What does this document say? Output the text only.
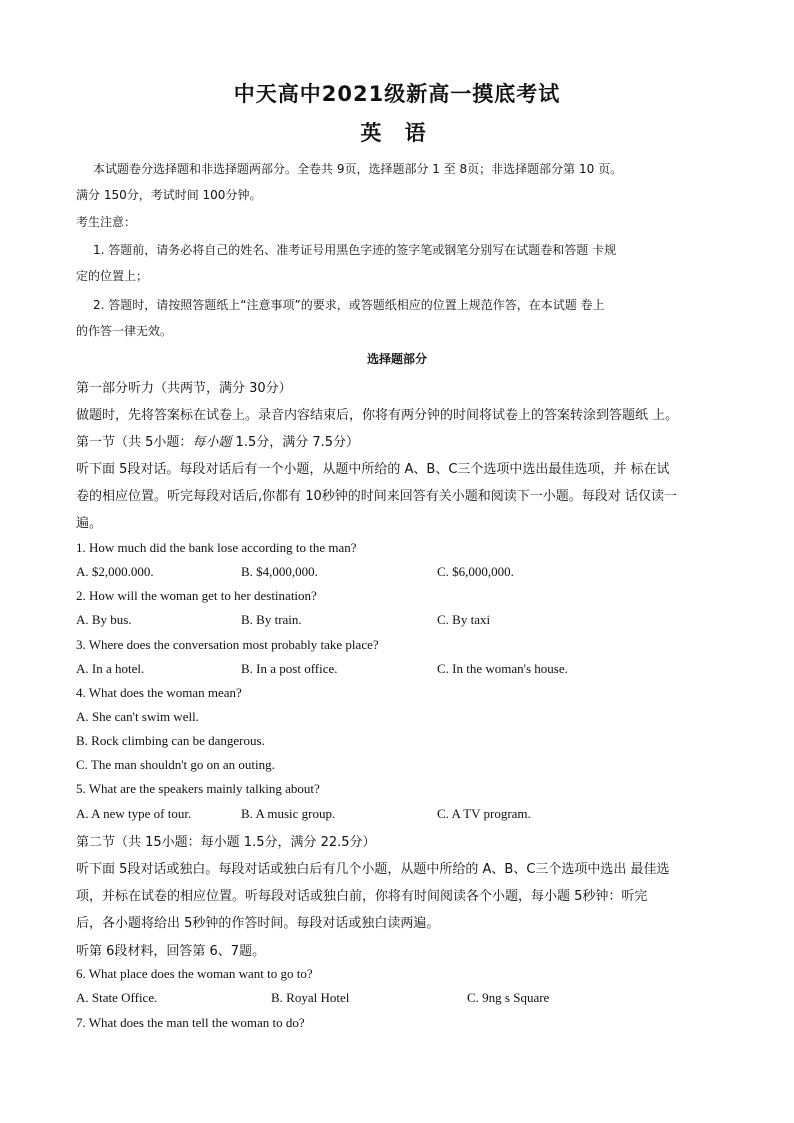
中天高中2021级新高一摸底考试
英 语
本试题卷分选择题和非选择题两部分。全卷共 9页，选择题部分 1 至 8页；非选择题部分第 10 页。
满分 150分，考试时间 100分钟。
考生注意：
1. 答题前，请务必将自己的姓名、准考证号用黑色字迹的签字笔或钢笔分别写在试题卷和答题 卡规
定的位置上；
2. 答题时，请按照答题纸上“注意事项”的要求，或答题纸相应的位置上规范作答，在本试题 卷上
的作答一律无效。
选择题部分
第一部分听力（共两节，满分 30分）
做题时，先将答案标在试卷上。录音内容结束后，你将有两分钟的时间将试卷上的答案转涂到答题纸 上。
第一节（共 5小题：每小题 1.5分，满分 7.5分）
听下面 5段对话。每段对话后有一个小题，从题中所给的 A、B、C三个选项中选出最佳选项，并 标在试
卷的相应位置。听完每段对话后,你都有 10秒钟的时间来回答有关小题和阅读下一小题。每段对 话仅读一
遍。
1. How much did the bank lose according to the man?
A. $2,000.000.	B. $4,000,000.	C. $6,000,000.
2. How will the woman get to her destination?
A. By bus.	B. By train.	C. By taxi
3. Where does the conversation most probably take place?
A. In a hotel.	B. In a post office.	C. In the woman's house.
4. What does the woman mean?
A. She can't swim well.
B. Rock climbing can be dangerous.
C. The man shouldn't go on an outing.
5. What are the speakers mainly talking about?
A. A new type of tour.	B. A music group.	C. A TV program.
第二节（共 15小题：每小题 1.5分，满分 22.5分）
听下面 5段对话或独白。每段对话或独白后有几个小题，从题中所给的 A、B、C三个选项中选出 最佳选
项，并标在试卷的相应位置。听每段对话或独白前，你将有时间阅读各个小题，每小题 5秒钟：听完
后，各小题将给出 5秒钟的作答时间。每段对话或独白读两遍。
听第 6段材料，回答第 6、7题。
6. What place does the woman want to go to?
A. State Office.	B. Royal Hotel	C. 9ng s Square
7. What does the man tell the woman to do?
